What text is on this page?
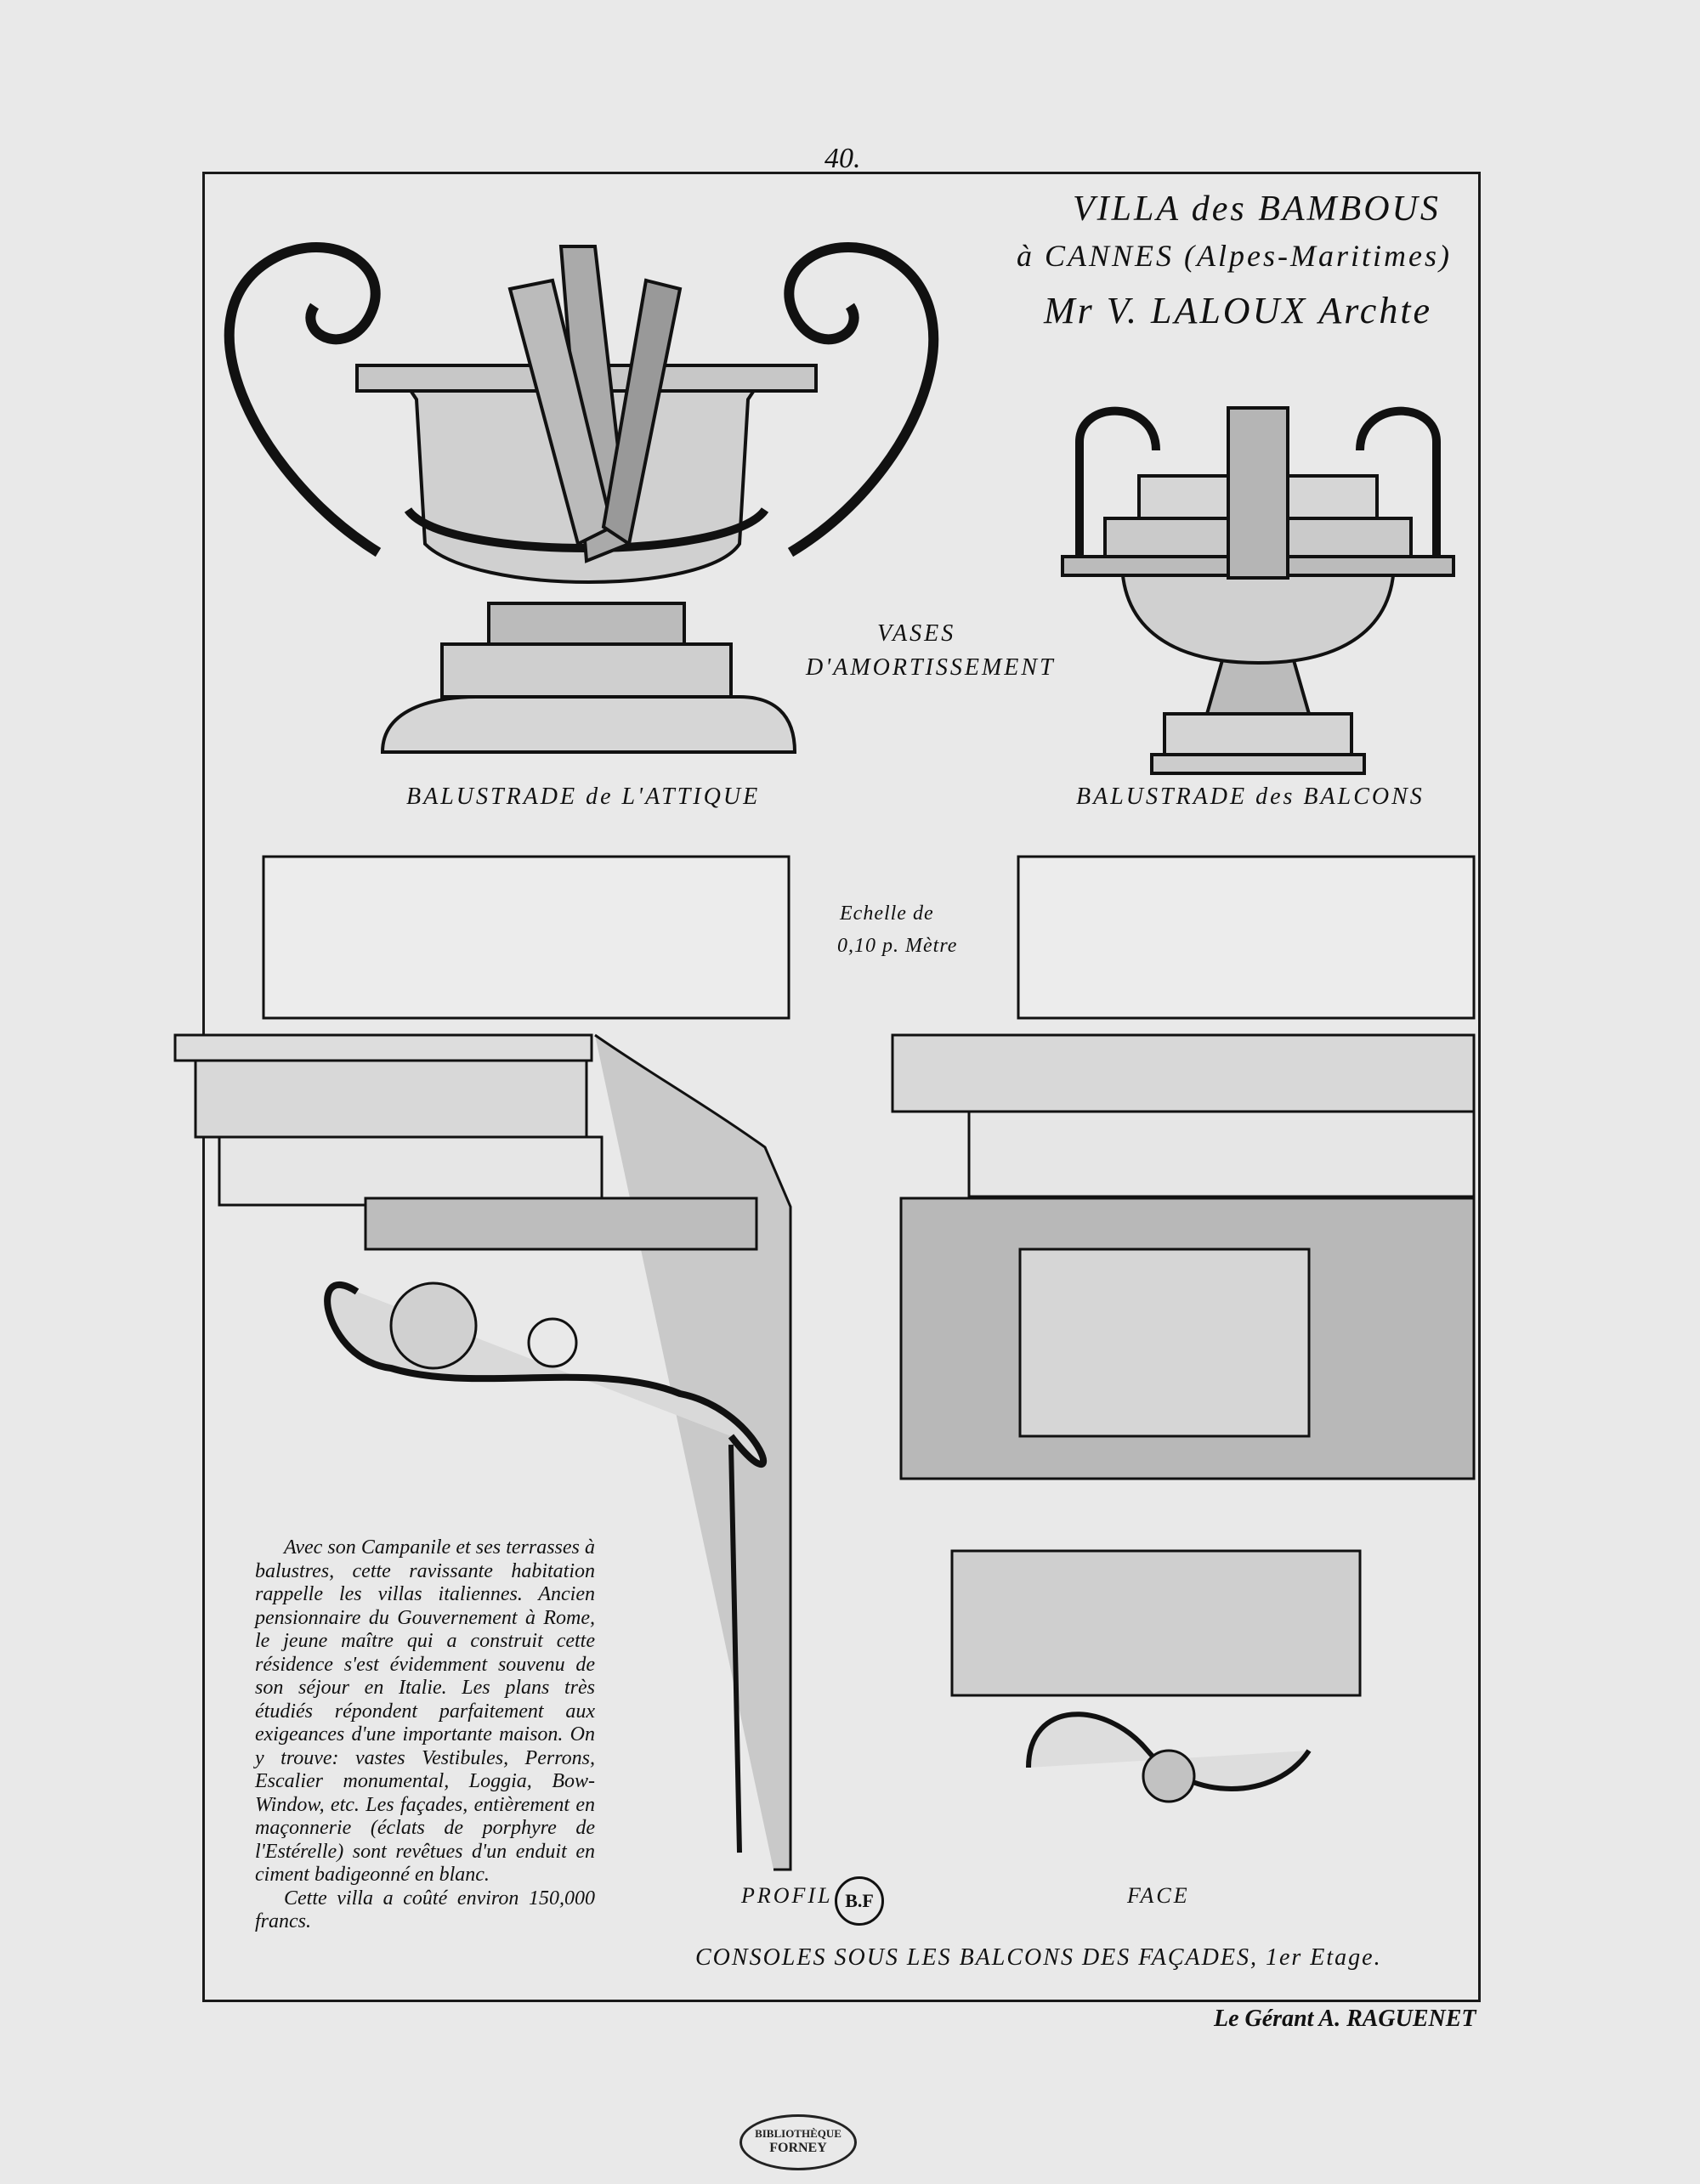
40.
VILLA des BAMBOUS
à CANNES (Alpes-Maritimes)
Mr V. LALOUX Archte
VASES
D'AMORTISSEMENT
BALUSTRADE de L'ATTIQUE	BALUSTRADE des BALCONS
Echelle de
0,10 p. Mètre

Avec son Campanile et ses terrasses à balustres, cette ravissante habitation rappelle les villas italiennes. Ancien pensionnaire du Gouvernement à Rome, le jeune maître qui a construit cette résidence s'est évidemment souvenu de son séjour en Italie. Les plans très étudiés répondent parfaitement aux exigeances d'une importante maison. On y trouve: vastes Vestibules, Perrons, Escalier monumental, Loggia, Bow-Window, etc. Les façades, entièrement en maçonnerie (éclats de porphyre de l'Estérelle) sont revêtues d'un enduit en ciment badigeonné en blanc.

Cette villa a coûté environ 150,000 francs.

PROFIL B.F	FACE
CONSOLES SOUS LES BALCONS DES FAÇADES, 1er Etage.
Le Gérant A. RAGUENET
BIBLIOTHÈQUE
FORNEY
